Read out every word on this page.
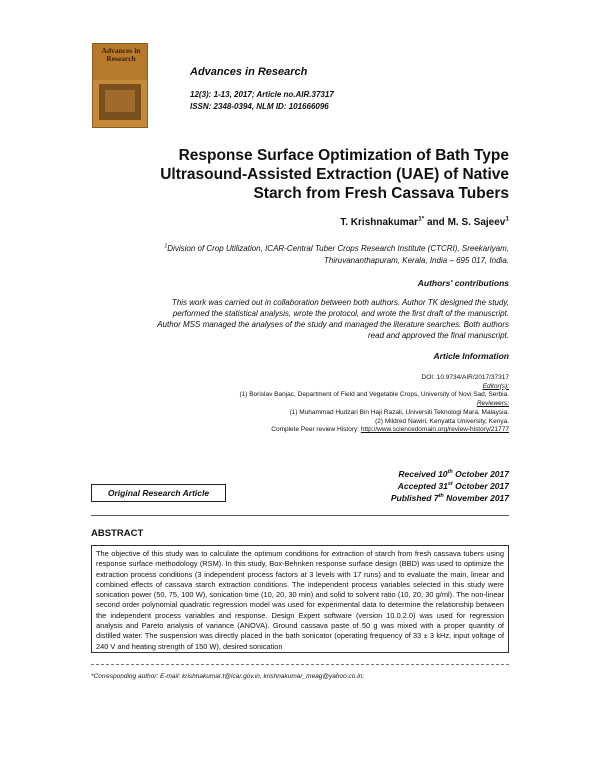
Advances in Research
Advances in Research
12(3): 1-13, 2017; Article no.AIR.37317
ISSN: 2348-0394, NLM ID: 101666096
Response Surface Optimization of Bath Type
Ultrasound-Assisted Extraction (UAE) of Native
Starch from Fresh Cassava Tubers
T. Krishnakumar$^{1*}$ and M. S. Sajeev$^1$
$^1$Division of Crop Utilization, ICAR-Central Tuber Crops Research Institute (CTCRI), Sreekariyam,
Thiruvananthapuram, Kerala, India – 695 017, India.
Authors' contributions
This work was carried out in collaboration between both authors. Author TK designed the study,
performed the statistical analysis, wrote the protocol, and wrote the first draft of the manuscript.
Author MSS managed the analyses of the study and managed the literature searches. Both authors
read and approved the final manuscript.
Article Information
DOI: 10.9734/AIR/2017/37317
Editor(s):
(1) Borislav Banjac, Department of Field and Vegetable Crops, University of Novi Sad, Serbia.
Reviewers:
(1) Muhammad Hudzari Bin Haji Razali, Universiti Teknologi Mara, Malaysia.
(2) Mildred Nawiri, Kenyatta University, Kenya.
Complete Peer review History: http://www.sciencedomain.org/review-history/21777
Received 10th October 2017
Accepted 31st October 2017
Published 7th November 2017
Original Research Article
ABSTRACT
The objective of this study was to calculate the optimum conditions for extraction of starch from fresh cassava tubers using response surface methodology (RSM). In this study, Box-Behnken response surface design (BBD) was used to optimize the extraction process conditions (3 independent process factors at 3 levels with 17 runs) and to evaluate the main, linear and combined effects of cassava starch extraction conditions. The independent process variables selected in this study were sonication power (50, 75, 100 W), sonication time (10, 20, 30 min) and solid to solvent ratio (10, 20, 30 g/ml). The non-linear second order polynomial quadratic regression model was used for experimental data to determine the relationship between the independent process variables and response. Design Expert software (version 10.0.2.0) was used for regression analysis and Pareto analysis of variance (ANOVA). Ground cassava paste of 50 g was mixed with a proper quantity of distilled water. The suspension was directly placed in the bath sonicator (operating frequency of 33 ± 3 kHz, input voltage of 240 V and heating strength of 150 W), desired sonication
*Corresponding author: E-mail: krishnakumar.t@icar.gov.in, krishnakumar_meag@yahoo.co.in;
